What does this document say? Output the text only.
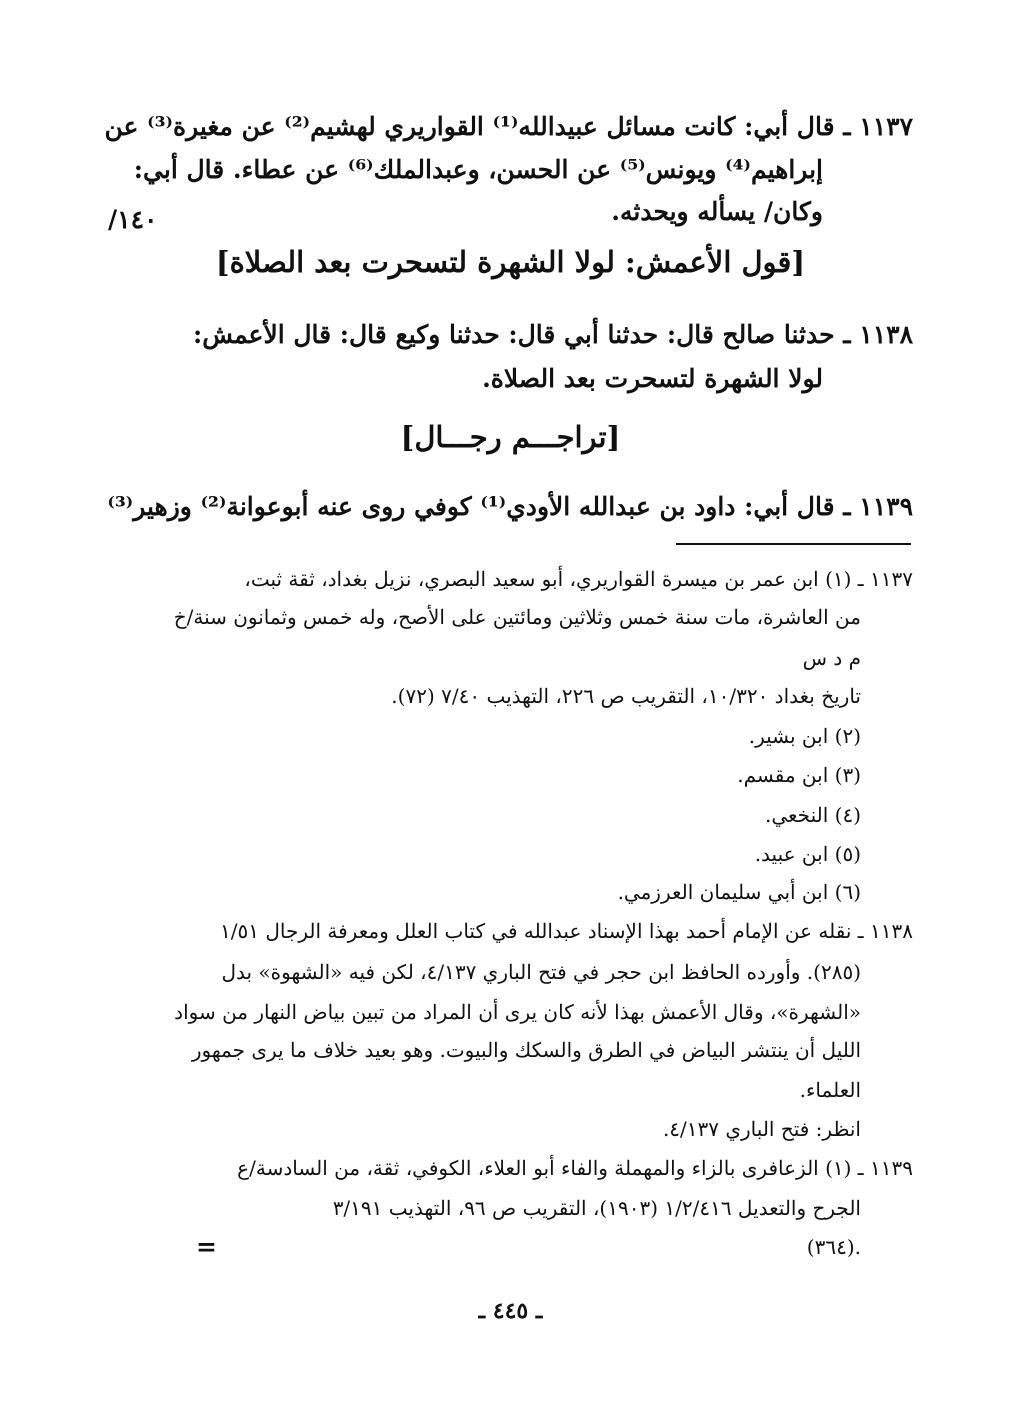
١١٣٧ ـ قال أبي: كانت مسائل عبيدالله⁽¹⁾ القواريري لهشيم⁽²⁾ عن مغيرة⁽³⁾ عن
إبراهيم⁽⁴⁾ ويونس⁽⁵⁾ عن الحسن، وعبدالملك⁽⁶⁾ عن عطاء. قال أبي:
وكان/ يسأله ويحدثه.
/١٤٠
[قول الأعمش: لولا الشهرة لتسحرت بعد الصلاة]
١١٣٨ ـ حدثنا صالح قال: حدثنا أبي قال: حدثنا وكيع قال: قال الأعمش:
لولا الشهرة لتسحرت بعد الصلاة.
[تراجـــم رجـــال]
١١٣٩ ـ قال أبي: داود بن عبدالله الأودي⁽¹⁾ كوفي روى عنه أبوعوانة⁽²⁾ وزهير⁽³⁾
١١٣٧ ـ (١) ابن عمر بن ميسرة القواريري، أبو سعيد البصري، نزيل بغداد، ثقة ثبت،
من العاشرة، مات سنة خمس وثلاثين ومائتين على الأصح، وله خمس وثمانون سنة/خ
م د س
تاريخ بغداد ١٠/٣٢٠، التقريب ص ٢٢٦، التهذيب ٧/٤٠ (٧٢).
(٢) ابن بشير.
(٣) ابن مقسم.
(٤) النخعي.
(٥) ابن عبيد.
(٦) ابن أبي سليمان العرزمي.
١١٣٨ ـ نقله عن الإمام أحمد بهذا الإسناد عبدالله في كتاب العلل ومعرفة الرجال ١/٥١
(٢٨٥). وأورده الحافظ ابن حجر في فتح الباري ٤/١٣٧، لكن فيه «الشهوة» بدل
«الشهرة»، وقال الأعمش بهذا لأنه كان يرى أن المراد من تبين بياض النهار من سواد
الليل أن ينتشر البياض في الطرق والسكك والبيوت. وهو بعيد خلاف ما يرى جمهور
العلماء.
انظر: فتح الباري ٤/١٣٧.
١١٣٩ ـ (١) الزعافرى بالزاء والمهملة والفاء أبو العلاء، الكوفي، ثقة، من السادسة/ع
الجرح والتعديل ١/٢/٤١٦ (١٩٠٣)، التقريب ص ٩٦، التهذيب ٣/١٩١
(٣٦٤).
=
ـ ٤٤٥ ـ
